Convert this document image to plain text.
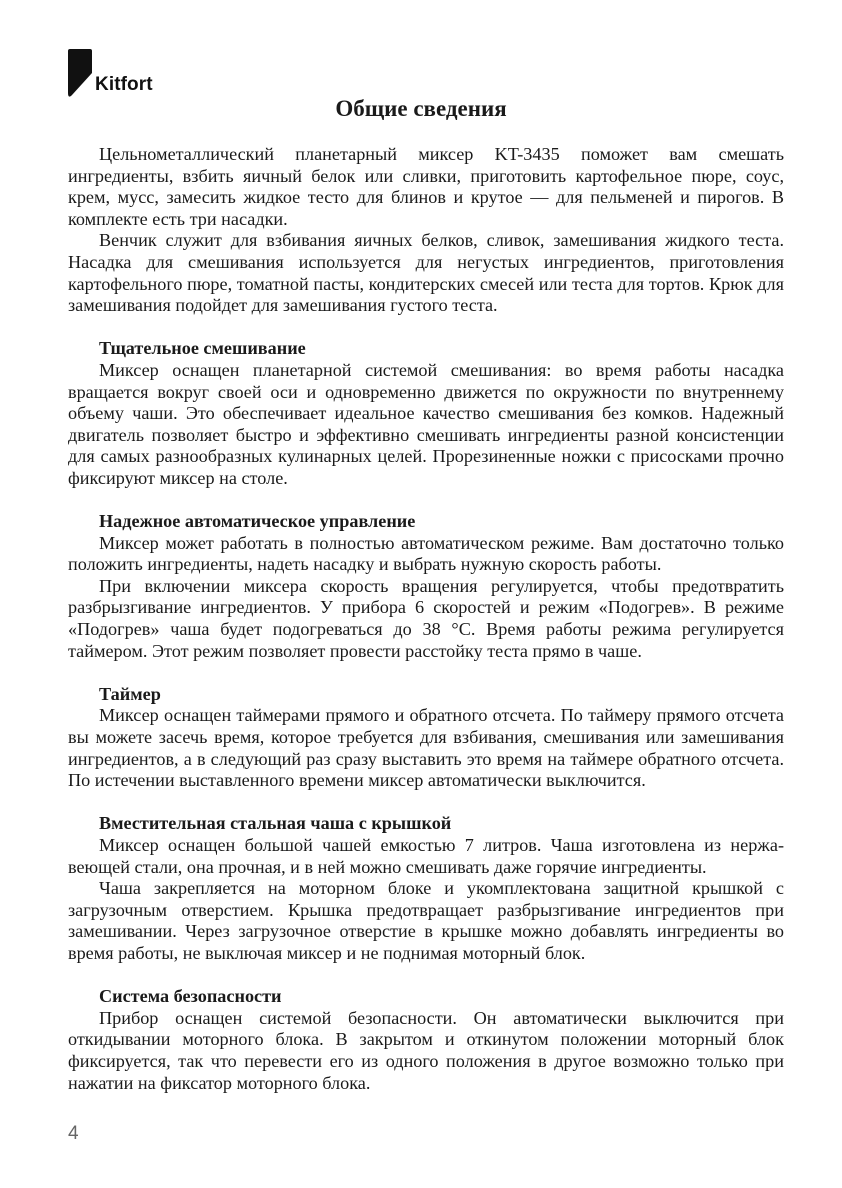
Kitfort
Общие сведения

Цельнометаллический планетарный миксер KT-3435 поможет вам смешать ингредиенты, взбить яичный белок или сливки, приготовить картофельное пюре, соус, крем, мусс, замесить жидкое тесто для блинов и крутое — для пельменей и пирогов. В комплекте есть три насадки.

Венчик служит для взбивания яичных белков, сливок, замешивания жидкого теста. Насадка для смешивания используется для негустых ингредиентов, приготовления картофельного пюре, томатной пасты, кондитерских смесей или теста для тортов. Крюк для замешивания подойдет для замешивания густого теста.

Тщательное смешивание

Миксер оснащен планетарной системой смешивания: во время работы насадка вращается вокруг своей оси и одновременно движется по окружности по внутреннему объему чаши. Это обеспечивает идеальное качество смешивания без комков. Надежный двигатель позволяет быстро и эффективно смешивать ингредиенты разной консистенции для самых разнообразных кулинарных целей. Прорезиненные ножки с присосками прочно фиксируют миксер на столе.

Надежное автоматическое управление

Миксер может работать в полностью автоматическом режиме. Вам достаточно только положить ингредиенты, надеть насадку и выбрать нужную скорость работы.

При включении миксера скорость вращения регулируется, чтобы предотвратить разбрызгивание ингредиентов. У прибора 6 скоростей и режим «Подогрев». В режиме «Подогрев» чаша будет подогреваться до 38 °С. Время работы режима регулируется таймером. Этот режим позволяет провести расстойку теста прямо в чаше.

Таймер

Миксер оснащен таймерами прямого и обратного отсчета. По таймеру прямого отсчета вы можете засечь время, которое требуется для взбивания, смешивания или замешивания ингредиентов, а в следующий раз сразу выставить это время на таймере обратного отсчета. По истечении выставленного времени миксер автоматически выключится.

Вместительная стальная чаша с крышкой

Миксер оснащен большой чашей емкостью 7 литров. Чаша изготовлена из нержавеющей стали, она прочная, и в ней можно смешивать даже горячие ингредиенты.

Чаша закрепляется на моторном блоке и укомплектована защитной крышкой с загрузочным отверстием. Крышка предотвращает разбрызгивание ингредиентов при замешивании. Через загрузочное отверстие в крышке можно добавлять ингредиенты во время работы, не выключая миксер и не поднимая моторный блок.

Система безопасности

Прибор оснащен системой безопасности. Он автоматически выключится при откидывании моторного блока. В закрытом и откинутом положении моторный блок фиксируется, так что перевести его из одного положения в другое возможно только при нажатии на фиксатор моторного блока.

4
